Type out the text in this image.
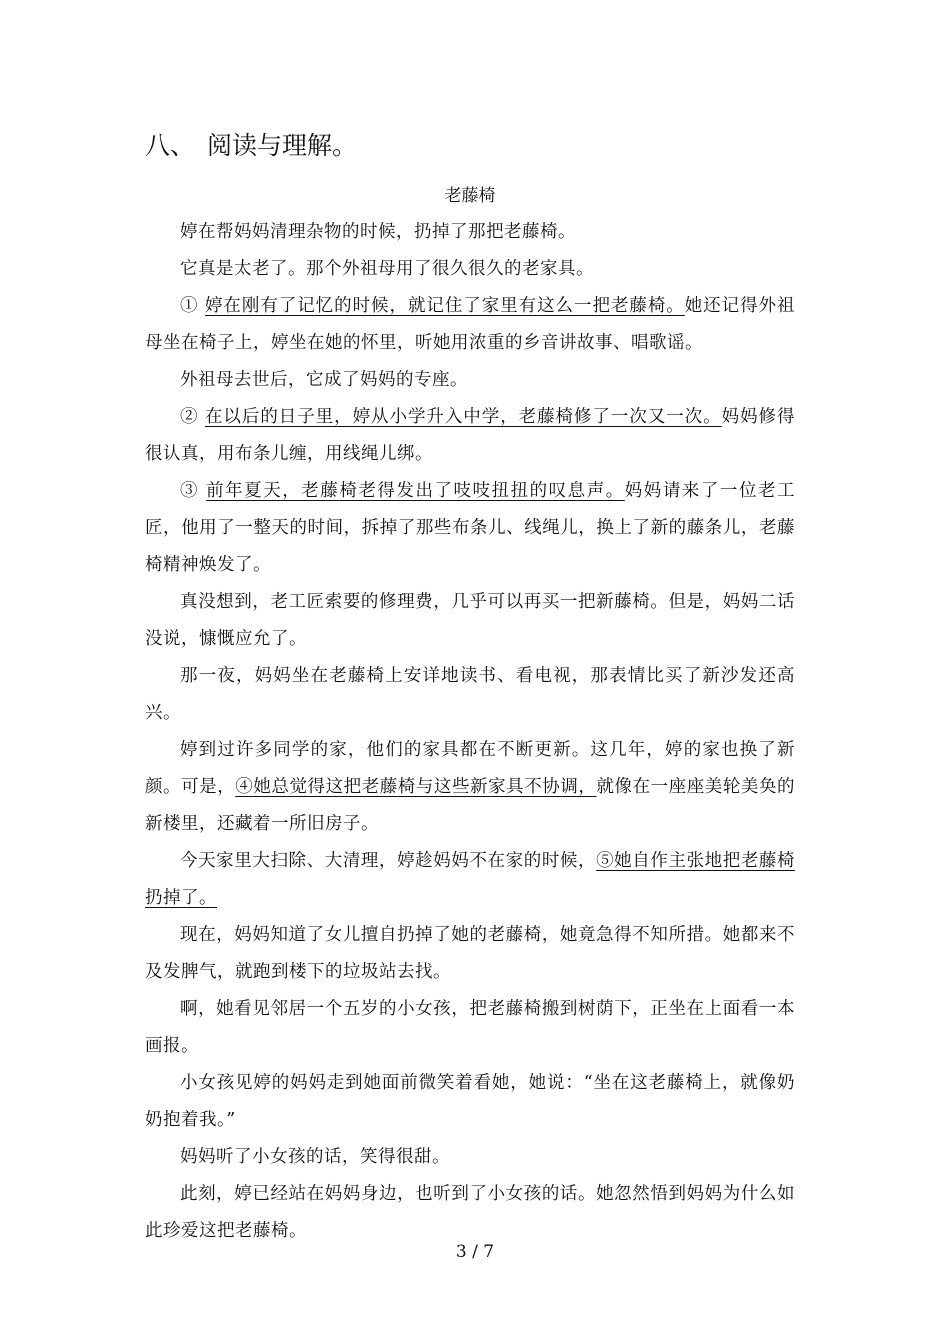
八、 阅读与理解。
老藤椅

婷在帮妈妈清理杂物的时候，扔掉了那把老藤椅。

它真是太老了。那个外祖母用了很久很久的老家具。

① 婷在刚有了记忆的时候，就记住了家里有这么一把老藤椅。她还记得外祖母坐在椅子上，婷坐在她的怀里，听她用浓重的乡音讲故事、唱歌谣。

外祖母去世后，它成了妈妈的专座。

② 在以后的日子里，婷从小学升入中学，老藤椅修了一次又一次。妈妈修得很认真，用布条儿缠，用线绳儿绑。

③ 前年夏天，老藤椅老得发出了吱吱扭扭的叹息声。妈妈请来了一位老工匠，他用了一整天的时间，拆掉了那些布条儿、线绳儿，换上了新的藤条儿，老藤椅精神焕发了。

真没想到，老工匠索要的修理费，几乎可以再买一把新藤椅。但是，妈妈二话没说，慷慨应允了。

那一夜，妈妈坐在老藤椅上安详地读书、看电视，那表情比买了新沙发还高兴。

婷到过许多同学的家，他们的家具都在不断更新。这几年，婷的家也换了新颜。可是，④她总觉得这把老藤椅与这些新家具不协调，就像在一座座美轮美奂的新楼里，还藏着一所旧房子。

今天家里大扫除、大清理，婷趁妈妈不在家的时候，⑤她自作主张地把老藤椅扔掉了。

现在，妈妈知道了女儿擅自扔掉了她的老藤椅，她竟急得不知所措。她都来不及发脾气，就跑到楼下的垃圾站去找。

啊，她看见邻居一个五岁的小女孩，把老藤椅搬到树荫下，正坐在上面看一本画报。

小女孩见婷的妈妈走到她面前微笑着看她，她说：“坐在这老藤椅上，就像奶奶抱着我。”

妈妈听了小女孩的话，笑得很甜。

此刻，婷已经站在妈妈身边，也听到了小女孩的话。她忽然悟到妈妈为什么如此珍爱这把老藤椅。

3 / 7
